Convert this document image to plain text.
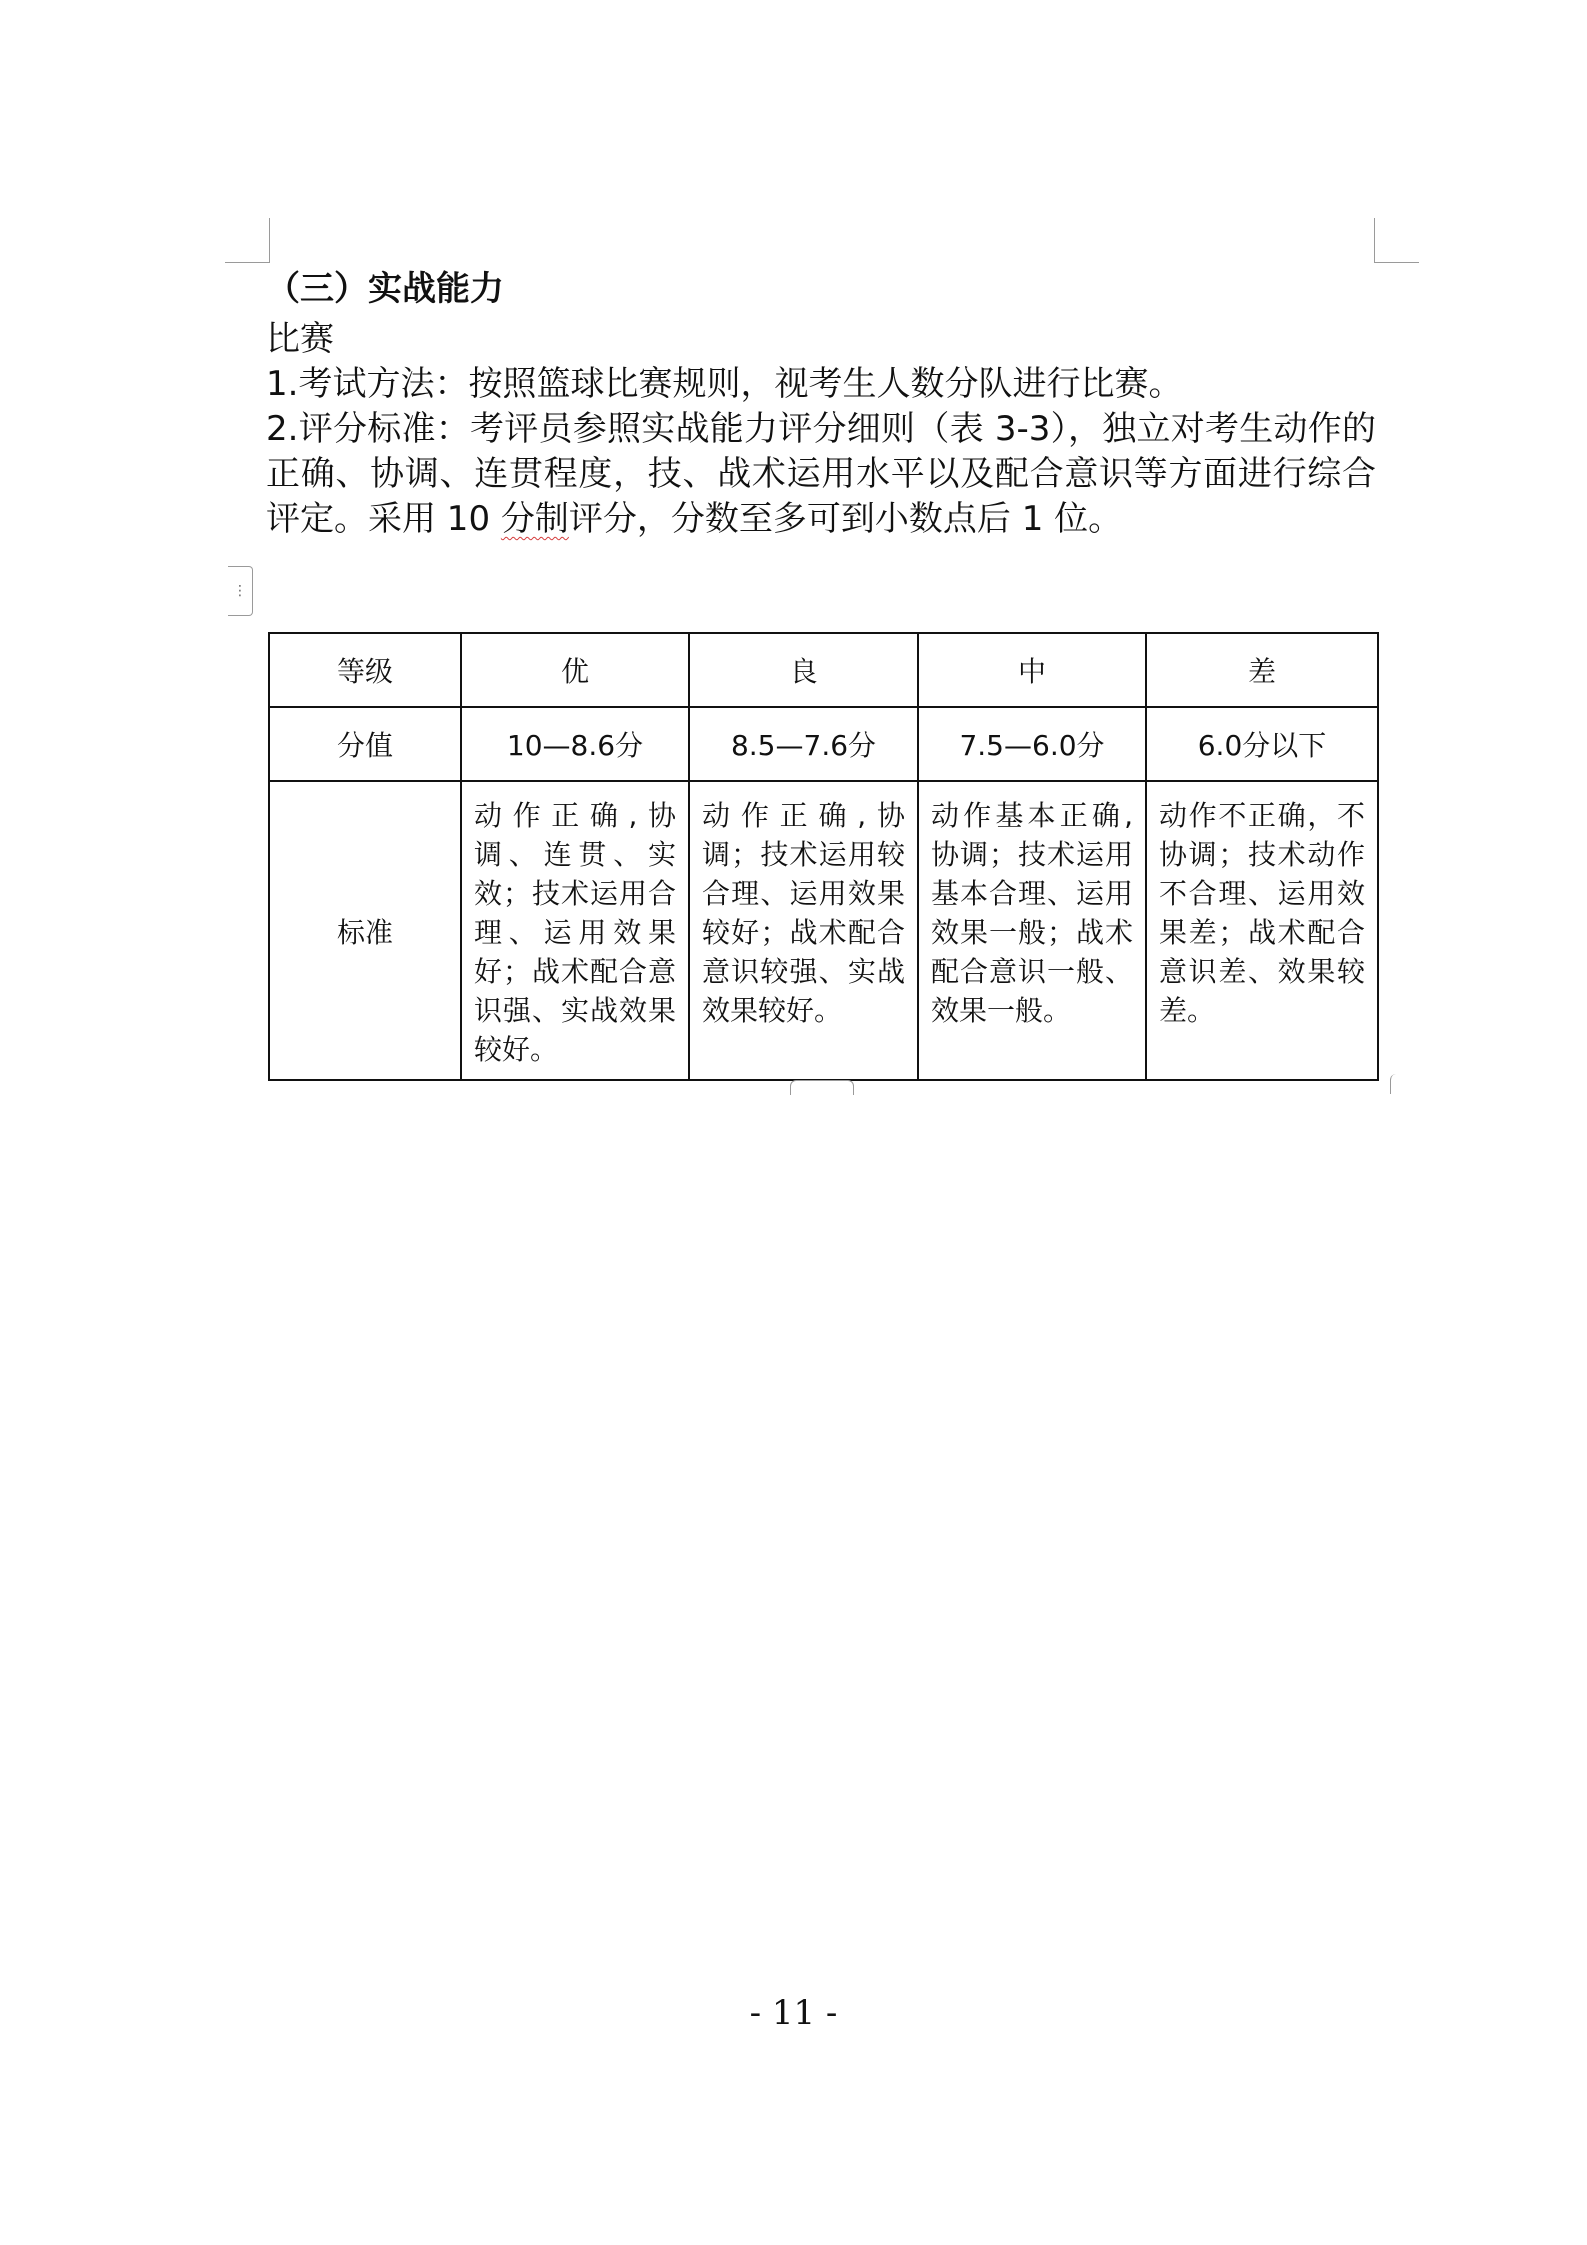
（三）实战能力

比赛

1.考试方法：按照篮球比赛规则，视考生人数分队进行比赛。

2.评分标准：考评员参照实战能力评分细则（表 3-3），独立对考生动作的正确、协调、连贯程度，技、战术运用水平以及配合意识等方面进行综合评定。采用 10 分制评分，分数至多可到小数点后 1 位。

⋮
等级	优	良	中	差
分值	10—8.6分	8.5—7.6分	7.5—6.0分	6.0分以下
标准	动作正确,协调、连贯、实效；技术运用合理、运用效果好；战术配合意识强、实战效果较好。	动作正确,协调；技术运用较合理、运用效果较好；战术配合意识较强、实战效果较好。	动作基本正确,协调；技术运用基本合理、运用效果一般；战术配合意识一般、效果一般。	动作不正确，不协调；技术动作不合理、运用效果差；战术配合意识差、效果较差。
- 11 -
